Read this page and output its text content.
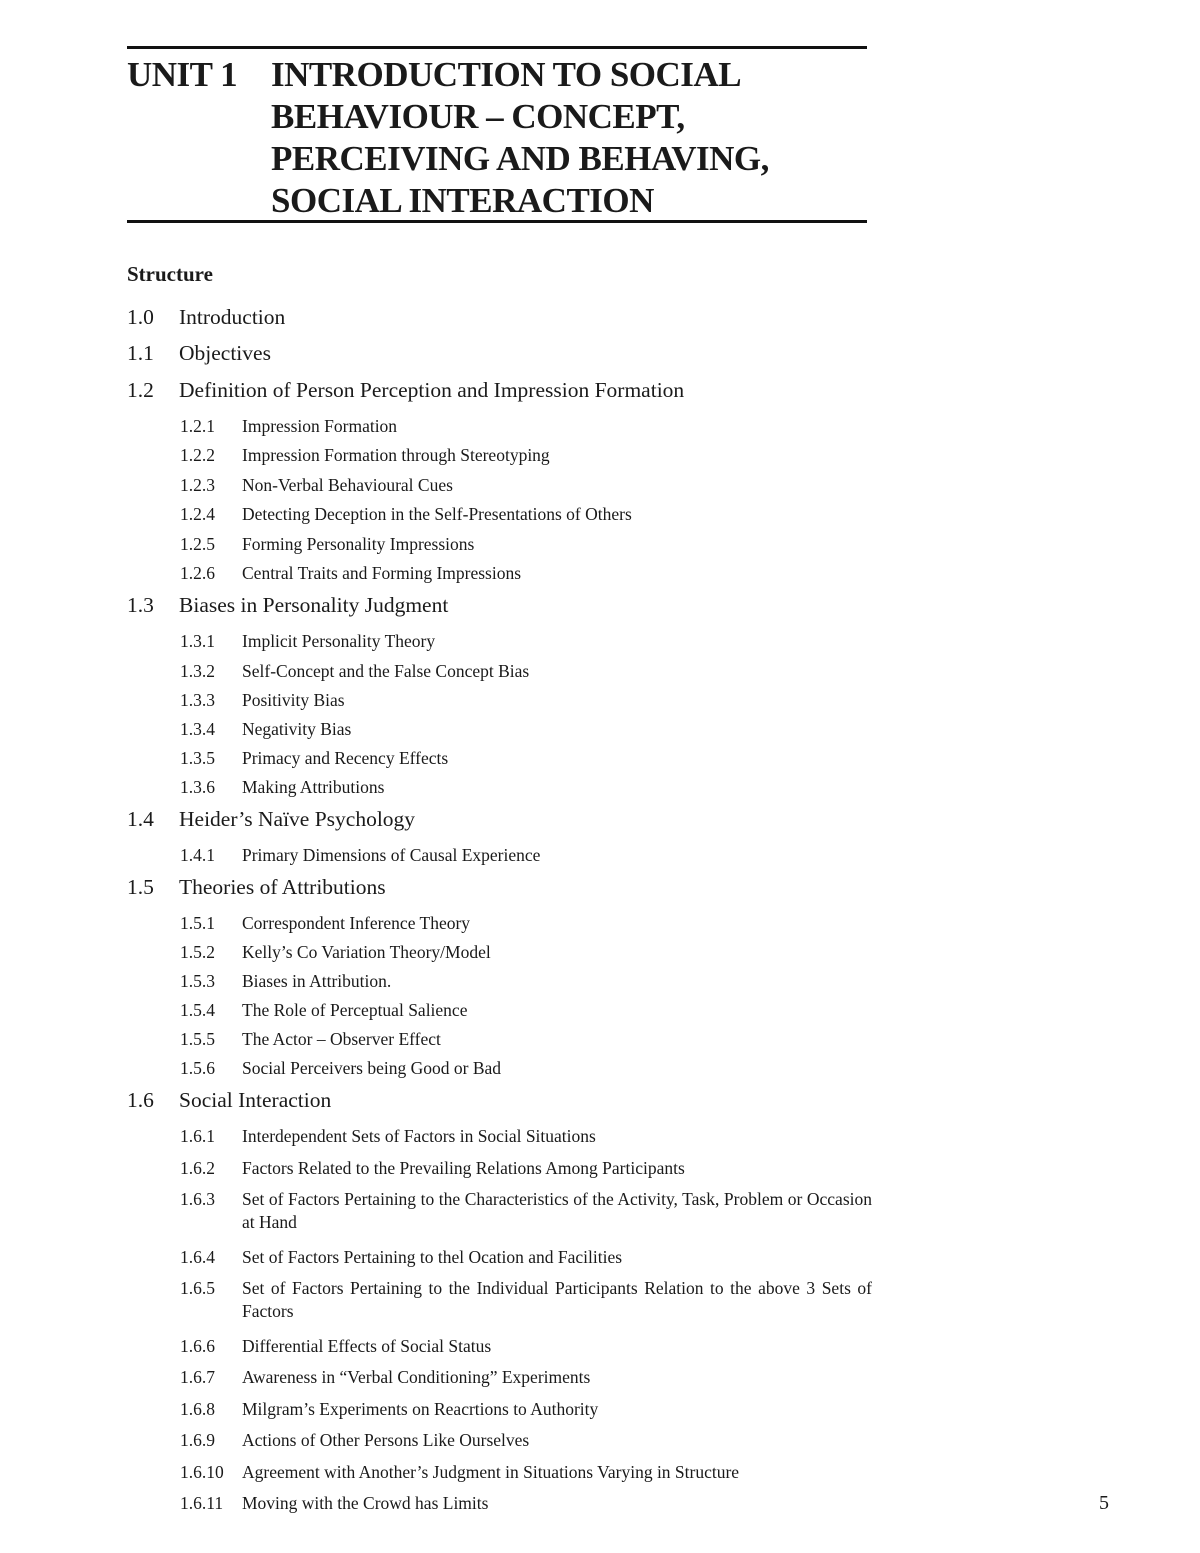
UNIT 1 INTRODUCTION TO SOCIAL
BEHAVIOUR – CONCEPT,
PERCEIVING AND BEHAVING,
SOCIAL INTERACTION
Structure
1.0 Introduction
1.1 Objectives
1.2 Definition of Person Perception and Impression Formation
1.2.1 Impression Formation
1.2.2 Impression Formation through Stereotyping
1.2.3 Non-Verbal Behavioural Cues
1.2.4 Detecting Deception in the Self-Presentations of Others
1.2.5 Forming Personality Impressions
1.2.6 Central Traits and Forming Impressions
1.3 Biases in Personality Judgment
1.3.1 Implicit Personality Theory
1.3.2 Self-Concept and the False Concept Bias
1.3.3 Positivity Bias
1.3.4 Negativity Bias
1.3.5 Primacy and Recency Effects
1.3.6 Making Attributions
1.4 Heider’s Naïve Psychology
1.4.1 Primary Dimensions of Causal Experience
1.5 Theories of Attributions
1.5.1 Correspondent Inference Theory
1.5.2 Kelly’s Co Variation Theory/Model
1.5.3 Biases in Attribution.
1.5.4 The Role of Perceptual Salience
1.5.5 The Actor – Observer Effect
1.5.6 Social Perceivers being Good or Bad
1.6 Social Interaction
1.6.1 Interdependent Sets of Factors in Social Situations
1.6.2 Factors Related to the Prevailing Relations Among Participants
1.6.3 Set of Factors Pertaining to the Characteristics of the Activity, Task, Problem or Occasion at Hand
1.6.4 Set of Factors Pertaining to thel Ocation and Facilities
1.6.5 Set of Factors Pertaining to the Individual Participants Relation to the above 3 Sets of Factors
1.6.6 Differential Effects of Social Status
1.6.7 Awareness in “Verbal Conditioning” Experiments
1.6.8 Milgram’s Experiments on Reacrtions to Authority
1.6.9 Actions of Other Persons Like Ourselves
1.6.10 Agreement with Another’s Judgment in Situations Varying in Structure
1.6.11 Moving with the Crowd has Limits	5
